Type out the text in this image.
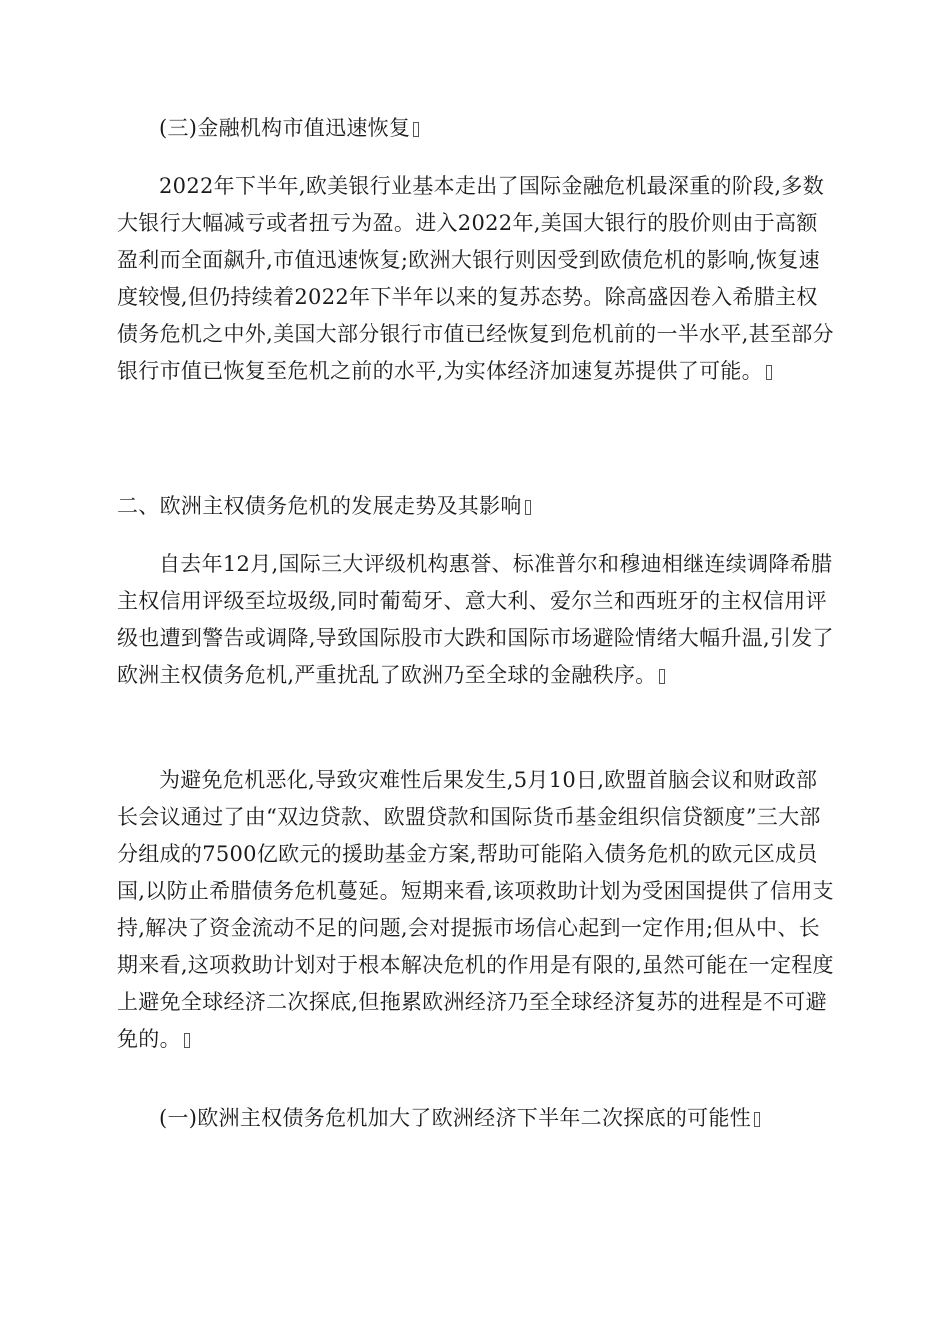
(三)金融机构市值迅速恢复

2022年下半年,欧美银行业基本走出了国际金融危机最深重的阶段,多数大银行大幅减亏或者扭亏为盈。进入2022年,美国大银行的股价则由于高额盈利而全面飙升,市值迅速恢复;欧洲大银行则因受到欧债危机的影响,恢复速度较慢,但仍持续着2022年下半年以来的复苏态势。除高盛因卷入希腊主权债务危机之中外,美国大部分银行市值已经恢复到危机前的一半水平,甚至部分银行市值已恢复至危机之前的水平,为实体经济加速复苏提供了可能。

二、欧洲主权债务危机的发展走势及其影响

自去年12月,国际三大评级机构惠誉、标准普尔和穆迪相继连续调降希腊主权信用评级至垃圾级,同时葡萄牙、意大利、爱尔兰和西班牙的主权信用评级也遭到警告或调降,导致国际股市大跌和国际市场避险情绪大幅升温,引发了欧洲主权债务危机,严重扰乱了欧洲乃至全球的金融秩序。

为避免危机恶化,导致灾难性后果发生,5月10日,欧盟首脑会议和财政部长会议通过了由“双边贷款、欧盟贷款和国际货币基金组织信贷额度”三大部分组成的7500亿欧元的援助基金方案,帮助可能陷入债务危机的欧元区成员国,以防止希腊债务危机蔓延。短期来看,该项救助计划为受困国提供了信用支持,解决了资金流动不足的问题,会对提振市场信心起到一定作用;但从中、长期来看,这项救助计划对于根本解决危机的作用是有限的,虽然可能在一定程度上避免全球经济二次探底,但拖累欧洲经济乃至全球经济复苏的进程是不可避免的。

(一)欧洲主权债务危机加大了欧洲经济下半年二次探底的可能性
